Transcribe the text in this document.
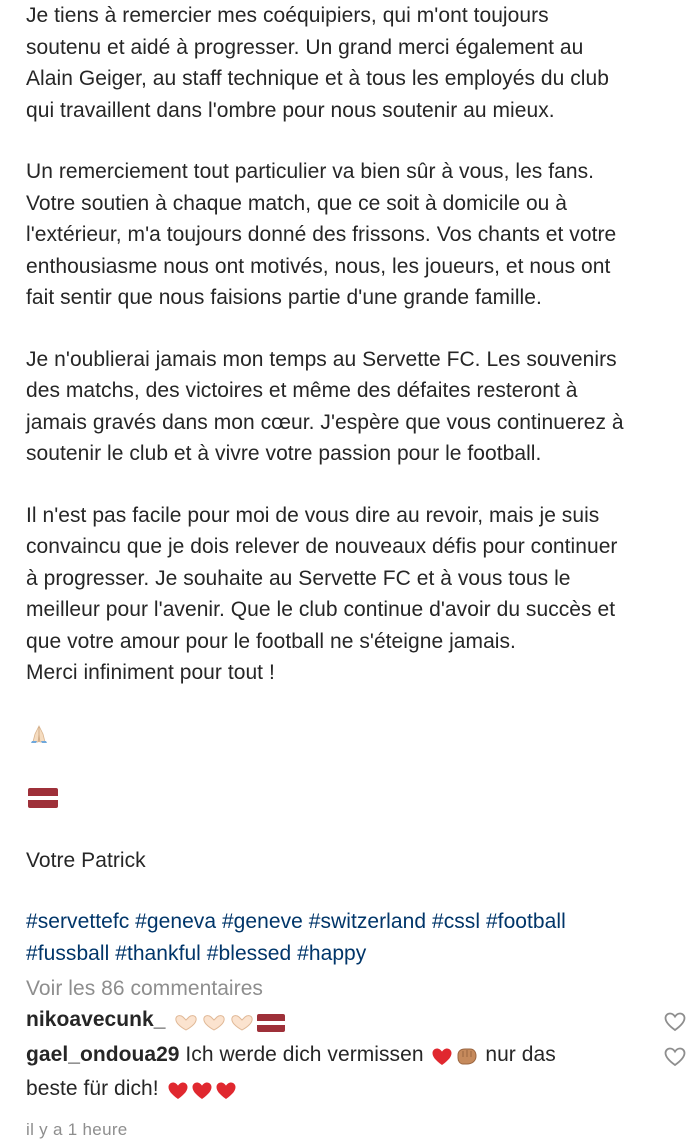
Je tiens à remercier mes coéquipiers, qui m'ont toujours
soutenu et aidé à progresser. Un grand merci également au
Alain Geiger, au staff technique et à tous les employés du club
qui travaillent dans l'ombre pour nous soutenir au mieux.

Un remerciement tout particulier va bien sûr à vous, les fans.
Votre soutien à chaque match, que ce soit à domicile ou à
l'extérieur, m'a toujours donné des frissons. Vos chants et votre
enthousiasme nous ont motivés, nous, les joueurs, et nous ont
fait sentir que nous faisions partie d'une grande famille.

Je n'oublierai jamais mon temps au Servette FC. Les souvenirs
des matchs, des victoires et même des défaites resteront à
jamais gravés dans mon cœur. J'espère que vous continuerez à
soutenir le club et à vivre votre passion pour le football.

Il n'est pas facile pour moi de vous dire au revoir, mais je suis
convaincu que je dois relever de nouveaux défis pour continuer
à progresser. Je souhaite au Servette FC et à vous tous le
meilleur pour l'avenir. Que le club continue d'avoir du succès et
que votre amour pour le football ne s'éteigne jamais.
Merci infiniment pour tout !

Votre Patrick
#servettefc #geneva #geneve #switzerland #cssl #football
#fussball #thankful #blessed #happy
Voir les 86 commentaires
nikoavecunk_
gael_ondoua29 Ich werde dich vermissen	nur das
beste für dich!
il y a 1 heure
